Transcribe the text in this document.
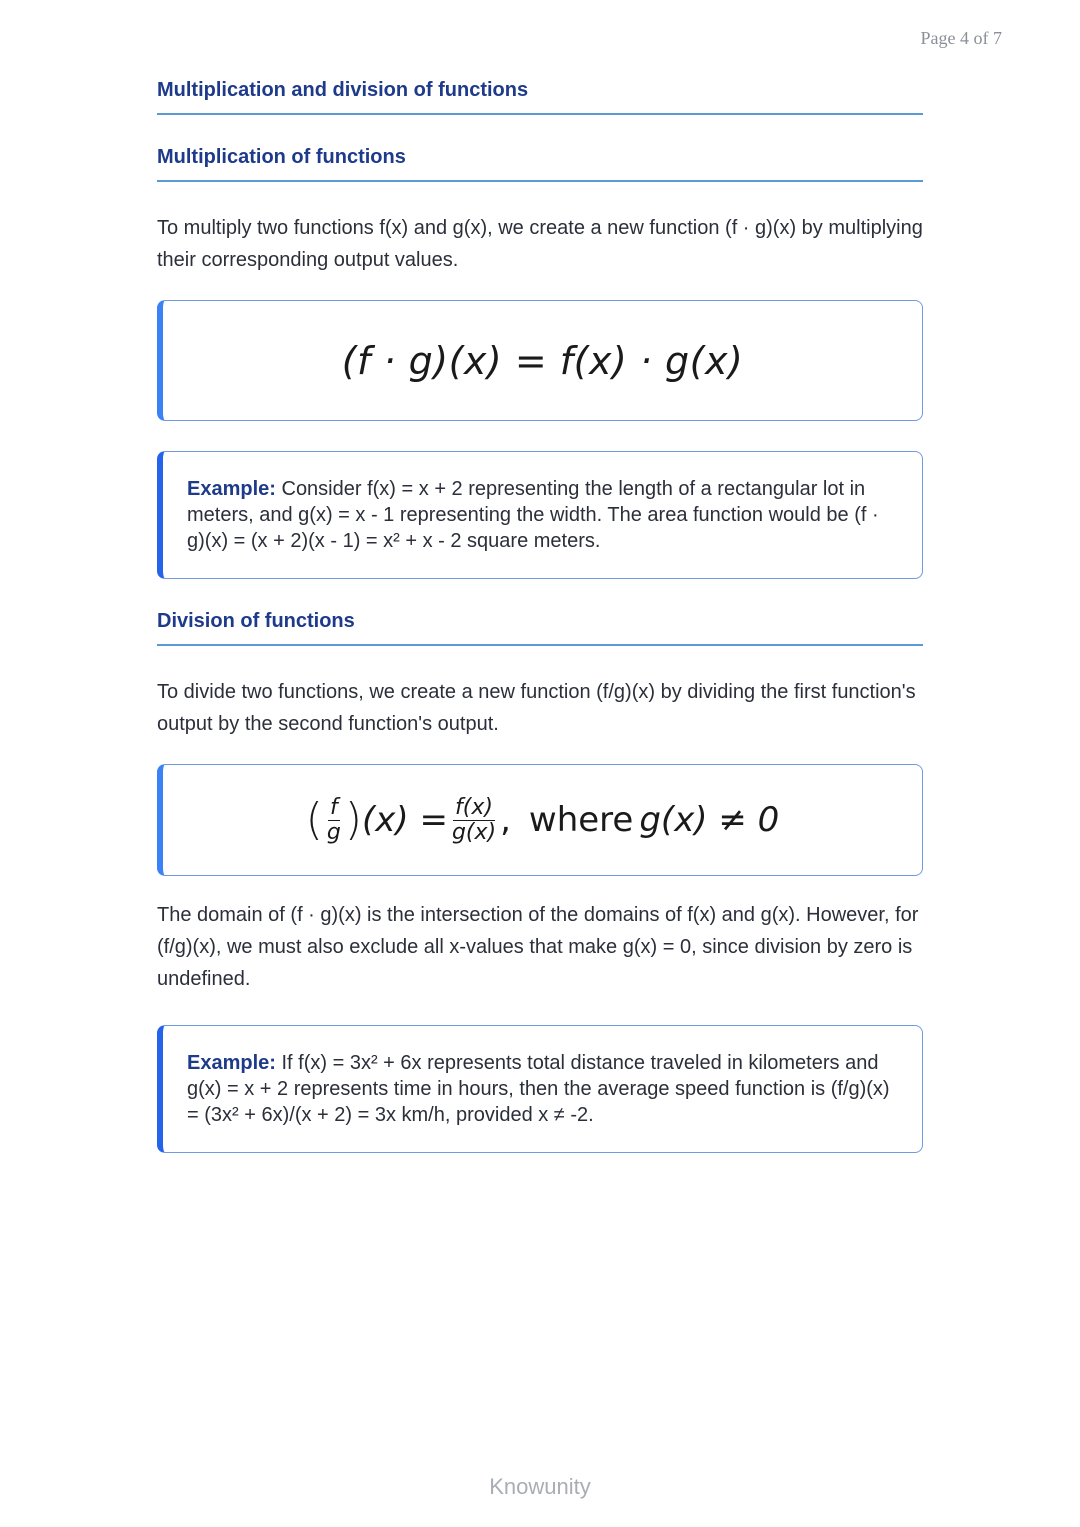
Page 4 of 7
Multiplication and division of functions
Multiplication of functions
To multiply two functions f(x) and g(x), we create a new function (f · g)(x) by multiplying their corresponding output values.
(f · g)(x) = f(x) · g(x)
Example: Consider f(x) = x + 2 representing the length of a rectangular lot in meters, and g(x) = x - 1 representing the width. The area function would be (f · g)(x) = (x + 2)(x - 1) = x² + x - 2 square meters.
Division of functions
To divide two functions, we create a new function (f/g)(x) by dividing the first function's output by the second function's output.
( $\frac{f}{g}$ ) $(x) = \frac{f(x)}{g(x)}$ , where g(x) ≠ 0
The domain of (f · g)(x) is the intersection of the domains of f(x) and g(x). However, for (f/g)(x), we must also exclude all x-values that make g(x) = 0, since division by zero is undefined.
Example: If f(x) = 3x² + 6x represents total distance traveled in kilometers and g(x) = x + 2 represents time in hours, then the average speed function is (f/g)(x) = (3x² + 6x)/(x + 2) = 3x km/h, provided x ≠ -2.
Knowunity
